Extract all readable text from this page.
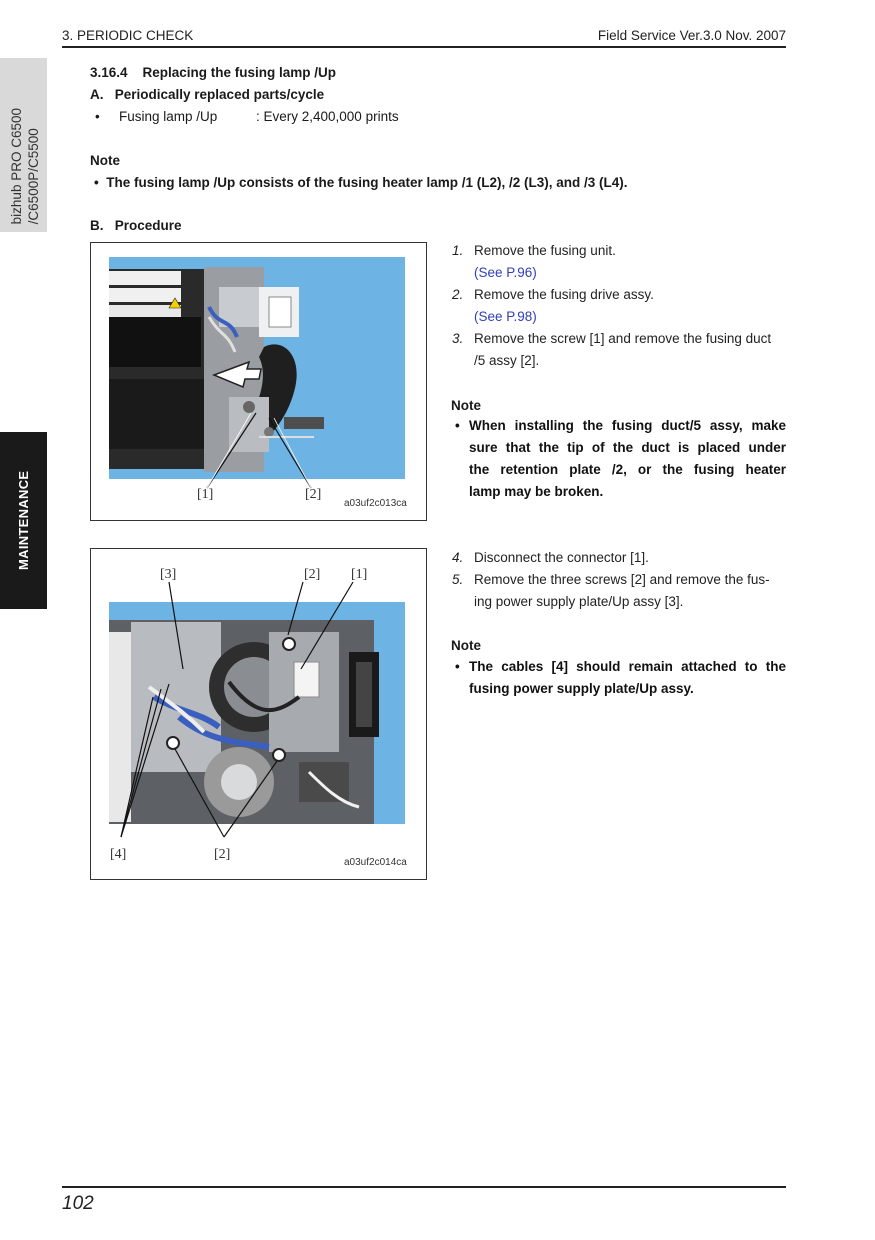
3. PERIODIC CHECK	Field Service Ver.3.0 Nov. 2007
bizhub PRO C6500 /C6500P/C5500
MAINTENANCE
3.16.4    Replacing the fusing lamp /Up
A.   Periodically replaced parts/cycle
• Fusing lamp /Up	: Every 2,400,000 prints
Note
•  The fusing lamp /Up consists of the fusing heater lamp /1 (L2), /2 (L3), and /3 (L4).
B.   Procedure
[1]	[2]
a03uf2c013ca
1. Remove the fusing unit.
(See P.96)
2. Remove the fusing drive assy.
(See P.98)
3. Remove the screw [1] and remove the fusing duct
/5 assy [2].
Note
• When installing the fusing duct/5 assy, make
sure that the tip of the duct is placed under
the retention plate /2, or the fusing heater
lamp may be broken.
[3]	[2] [1]
[4]	[2]
a03uf2c014ca
4. Disconnect the connector [1].
5. Remove the three screws [2] and remove the fus-
ing power supply plate/Up assy [3].
Note
• The cables [4] should remain attached to the
fusing power supply plate/Up assy.
102
